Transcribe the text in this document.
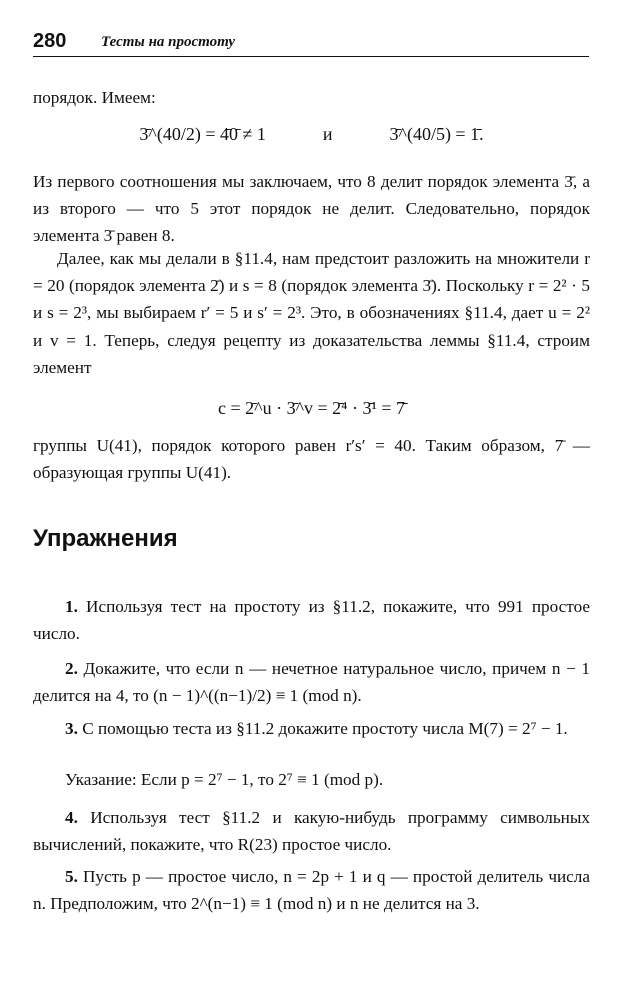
280 Тесты на простоту
порядок. Имеем:
3̄^(40/2) = 4̄0̄ ≠ 1	и	3̄^(40/5) = 1̄.
Из первого соотношения мы заключаем, что 8 делит порядок элемента 3̄, а из второго — что 5 этот порядок не делит. Следовательно, порядок элемента 3̄ равен 8.
Далее, как мы делали в §11.4, нам предстоит разложить на множители r = 20 (порядок элемента 2̄) и s = 8 (порядок элемента 3̄). Поскольку r = 2² · 5 и s = 2³, мы выбираем r′ = 5 и s′ = 2³. Это, в обозначениях §11.4, дает u = 2² и v = 1. Теперь, следуя рецепту из доказательства леммы §11.4, строим элемент
c = 2̄^u · 3̄^v = 2̄⁴ · 3̄¹ = 7̄
группы U(41), порядок которого равен r′s′ = 40. Таким образом, 7̄ — образующая группы U(41).
Упражнения
1. Используя тест на простоту из §11.2, покажите, что 991 простое число.
2. Докажите, что если n — нечетное натуральное число, причем n − 1 делится на 4, то (n − 1)^((n−1)/2) ≡ 1 (mod n).
3. С помощью теста из §11.2 докажите простоту числа M(7) = 2⁷ − 1.
Указание: Если p = 2⁷ − 1, то 2⁷ ≡ 1 (mod p).
4. Используя тест §11.2 и какую-нибудь программу символьных вычислений, покажите, что R(23) простое число.
5. Пусть p — простое число, n = 2p + 1 и q — простой делитель числа n. Предположим, что 2^(n−1) ≡ 1 (mod n) и n не делится на 3.
